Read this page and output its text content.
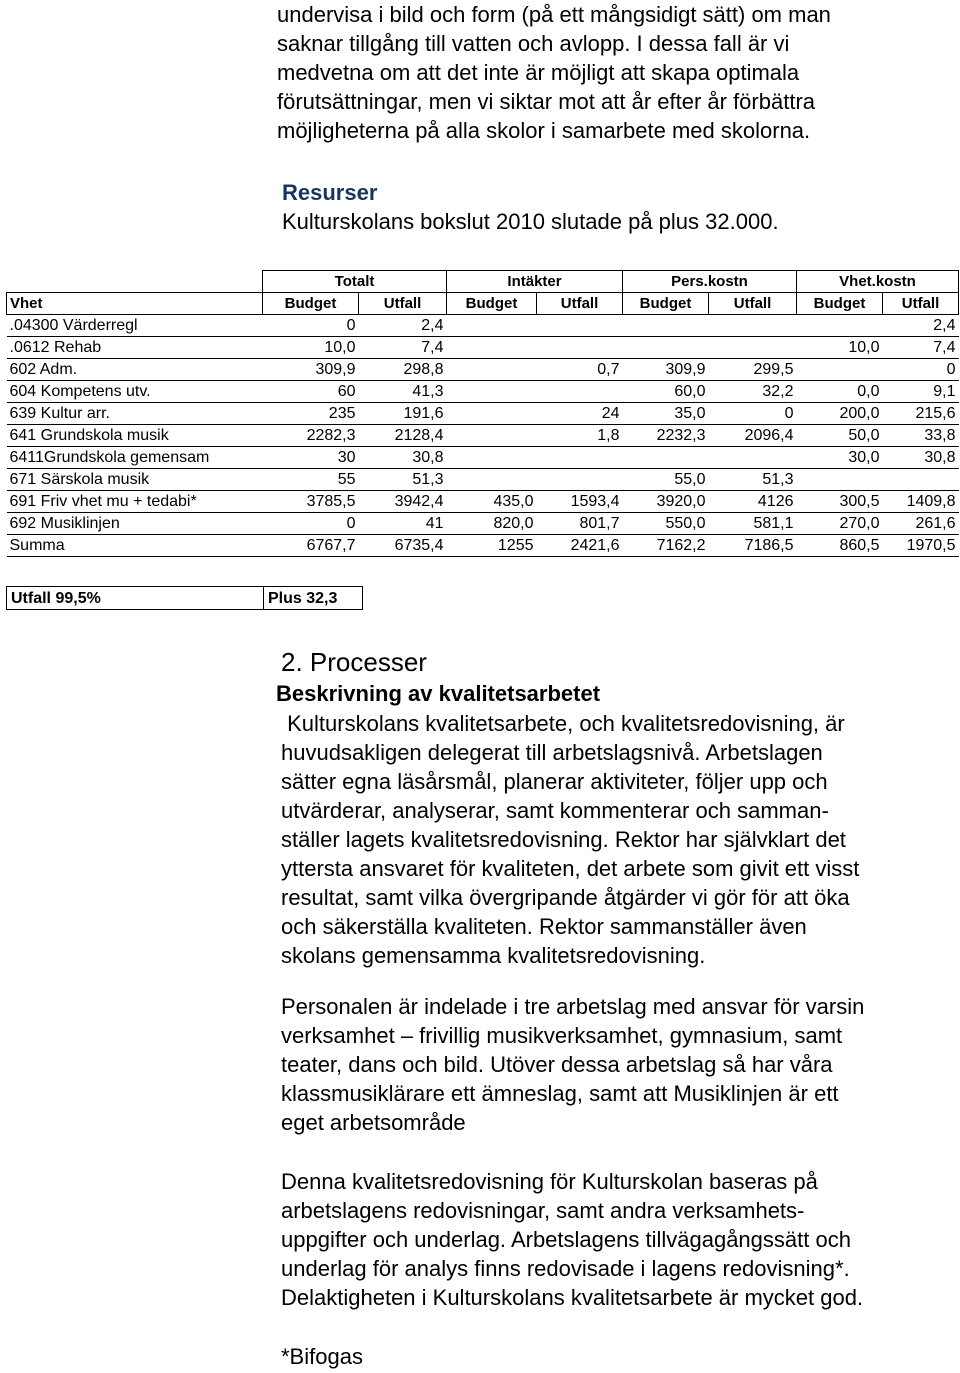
undervisa i bild och form (på ett mångsidigt sätt) om man

saknar tillgång till vatten och avlopp. I dessa fall är vi

medvetna om att det inte är möjligt att skapa optimala

förutsättningar, men vi siktar mot att år efter år förbättra

möjligheterna på alla skolor i samarbete med skolorna.

Resurser
Kulturskolans bokslut 2010 slutade på plus 32.000.
	Totalt		Intäkter		Pers.kostn		Vhet.kostn	
Vhet	Budget	Utfall	Budget	Utfall	Budget	Utfall	Budget	Utfall
.04300 Värderregl	0	2,4						2,4
.0612 Rehab	10,0	7,4					10,0	7,4
602 Adm.	309,9	298,8		0,7	309,9	299,5		0
604 Kompetens utv.	60	41,3			60,0	32,2	0,0	9,1
639 Kultur arr.	235	191,6		24	35,0	0	200,0	215,6
641 Grundskola musik	2282,3	2128,4		1,8	2232,3	2096,4	50,0	33,8
6411Grundskola gemensam	30	30,8					30,0	30,8
671 Särskola musik	55	51,3			55,0	51,3		
691 Friv vhet mu + tedabi*	3785,5	3942,4	435,0	1593,4	3920,0	4126	300,5	1409,8
692 Musiklinjen	0	41	820,0	801,7	550,0	581,1	270,0	261,6
Summa	6767,7	6735,4	1255	2421,6	7162,2	7186,5	860,5	1970,5
Utfall 99,5%	Plus 32,3
2. Processer
Beskrivning av kvalitetsarbetet
Kulturskolans kvalitetsarbete, och kvalitetsredovisning, är
huvudsakligen delegerat till arbetslagsnivå. Arbetslagen
sätter egna läsårsmål, planerar aktiviteter, följer upp och
utvärderar, analyserar, samt kommenterar och samman-
ställer lagets kvalitetsredovisning. Rektor har självklart det
yttersta ansvaret för kvaliteten, det arbete som givit ett visst
resultat, samt vilka övergripande åtgärder vi gör för att öka
och säkerställa kvaliteten. Rektor sammanställer även
skolans gemensamma kvalitetsredovisning.
Personalen är indelade i tre arbetslag med ansvar för varsin
verksamhet – frivillig musikverksamhet, gymnasium, samt
teater, dans och bild. Utöver dessa arbetslag så har våra
klassmusiklärare ett ämneslag, samt att Musiklinjen är ett
eget arbetsområde
Denna kvalitetsredovisning för Kulturskolan baseras på
arbetslagens redovisningar, samt andra verksamhets-
uppgifter och underlag. Arbetslagens tillvägagångssätt och
underlag för analys finns redovisade i lagens redovisning*.
Delaktigheten i Kulturskolans kvalitetsarbete är mycket god.
*Bifogas
